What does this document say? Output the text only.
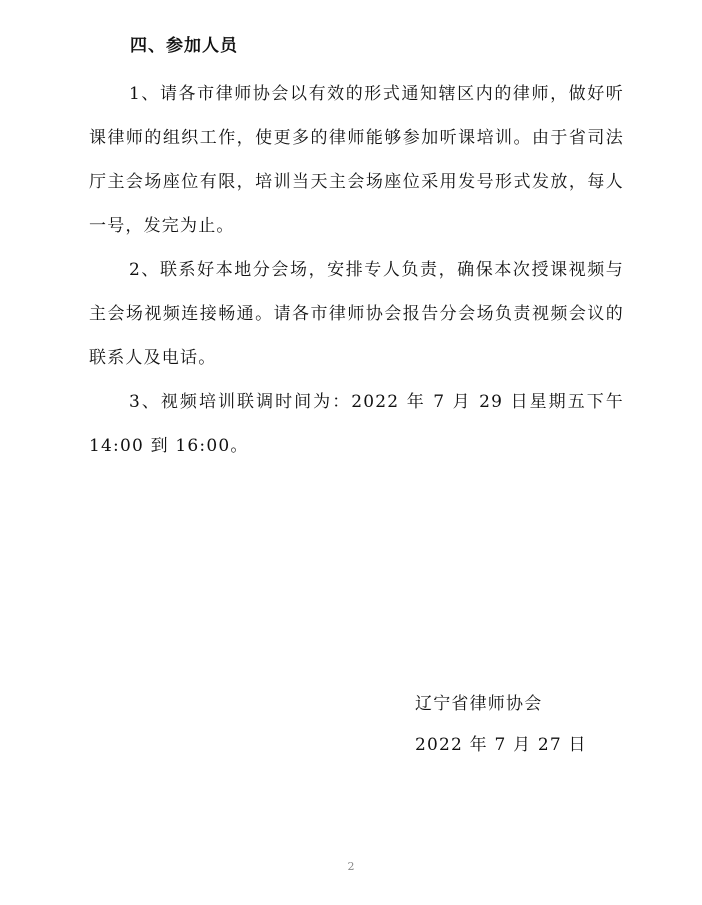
四、参加人员
1、请各市律师协会以有效的形式通知辖区内的律师，做好听课律师的组织工作，使更多的律师能够参加听课培训。由于省司法厅主会场座位有限，培训当天主会场座位采用发号形式发放，每人一号，发完为止。
2、联系好本地分会场，安排专人负责，确保本次授课视频与主会场视频连接畅通。请各市律师协会报告分会场负责视频会议的联系人及电话。
3、视频培训联调时间为：2022 年 7 月 29 日星期五下午 14:00 到 16:00。
辽宁省律师协会
2022 年 7 月 27 日
2
